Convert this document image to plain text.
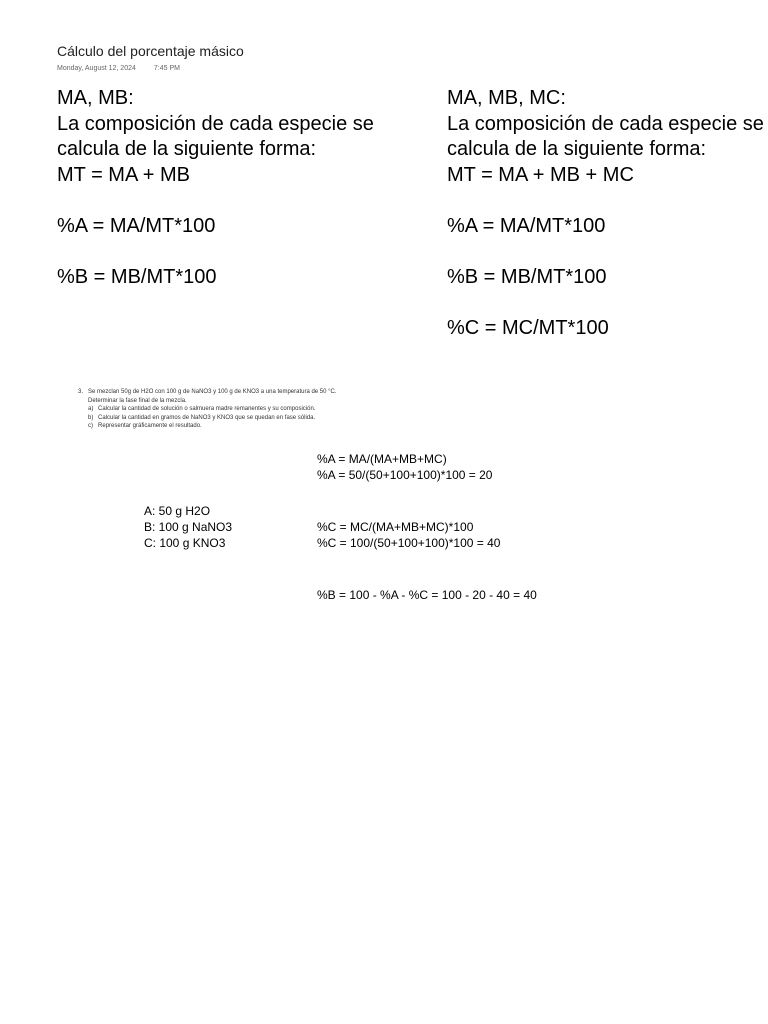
Cálculo del porcentaje másico
Monday, August 12, 2024	7:45 PM
MA, MB:
La composición de cada especie se
calcula de la siguiente forma:
MT = MA + MB
%A = MA/MT*100
%B = MB/MT*100
MA, MB, MC:
La composición de cada especie se
calcula de la siguiente forma:
MT = MA + MB + MC
%A = MA/MT*100
%B = MB/MT*100
%C = MC/MT*100
3. Se mezclan 50g de H2O con 100 g de NaNO3 y 100 g de KNO3 a una temperatura de 50 °C.
Determinar la fase final de la mezcla.
a) Calcular la cantidad de solución o salmuera madre remanentes y su composición.
b) Calcular la cantidad en gramos de NaNO3 y KNO3 que se quedan en fase sólida.
c) Representar gráficamente el resultado.
A: 50 g H2O
B: 100 g NaNO3
C: 100 g KNO3
%A = MA/(MA+MB+MC)
%A = 50/(50+100+100)*100 = 20
%C = MC/(MA+MB+MC)*100
%C = 100/(50+100+100)*100 = 40
%B = 100 - %A - %C = 100 - 20 - 40 = 40
